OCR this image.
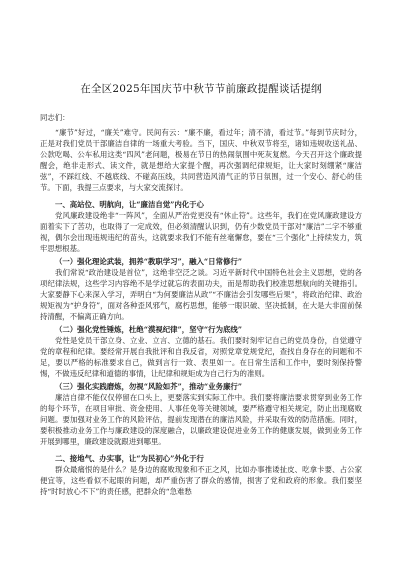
在全区2025年国庆节中秋节节前廉政提醒谈话提纲
同志们：

“廉节”好过，“廉关”难守。民间有云：“廉不廉，看过年；清不清，看过节。”每到节庆时分，正是对我们党员干部廉洁自律的一场重大考验。当下，国庆、中秋双节将至，诸如违规收送礼品、公款吃喝、公车私用这类“四风”老问题，极易在节日的热闹氛围中死灰复燃。今天召开这个廉政提醒会，绝非走形式、读文件，就是想给大家提个醒，再次强调纪律规矩，让大家时刻绷紧“廉洁弦”，不踩红线、不越底线、不碰高压线，共同营造风清气正的节日氛围，过一个安心、舒心的佳节。下面，我提三点要求，与大家交流探讨。

一、高站位、明航向，让“廉洁自觉”内化于心

党风廉政建设绝非“一阵风”，全面从严治党更没有“休止符”。这些年，我们在党风廉政建设方面着实下了苦功，也取得了一定成效，但必须清醒认识到，仍有少数党员干部对“廉洁”二字不够重视，偶尔会出现违规违纪的苗头，这就要求我们不能有丝毫懈怠，要在“三个强化”上持续发力，筑牢思想根基。

（一）强化理论武装，拥养“教职学习”，融入“日常修行”

我们常说“政治建设是首位”，这绝非空泛之谈。习近平新时代中国特色社会主义思想，党的各项纪律法规，这些学习内容绝不是学过就忘的表面功夫，而是帮助我们校准思想航向的关键指引。大家要静下心来深入学习，弄明白“为何要廉洁从政”“不廉洁会引发哪些后果”，将政治纪律、政治规矩视为“护身符”，面对各种歪风邪气，腐朽思想，能够一眼识破、坚决抵制，在大是大非面前保持清醒，不偏离正确方向。

（二）强化党性锤炼，杜绝“漠视纪律”，坚守“行为底线”

党性是党员干部立身、立业、立言、立德的基石。我们要时刻牢记自己的党员身份，自觉遵守党的章程和纪律。要经常开展自我批评和自我反省，对照党章党规党纪，查找自身存在的问题和不足，要以严格的标准要求自己，做到言行一致、表里如一。在日常生活和工作中，要时刻保持警惕，不做违反纪律和道德的事情，让纪律和规矩成为自己行为的准则。

（三）强化实践磨炼，勿视“风险如芥”，推动“业务廉行”

廉洁自律不能仅仅停留在口头上，更要落实到实际工作中。我们要将廉洁要求贯穿到业务工作的每个环节，在项目审批、资金使用、人事任免等关键领域，要严格遵守相关规定，防止出现腐败问题。要加强对业务工作的风险评估，提前发现潜在的廉洁风险，并采取有效的防范措施。同时，要积极推动业务工作与廉政建设的深度融合，以廉政建设促进业务工作的健康发展，做到业务工作开展到哪里，廉政建设就跟进到哪里。

二、接地气、办实事，让“为民初心”外化于行

群众最痛恨的是什么？是身边的腐败现象和不正之风，比如办事推诿扯皮、吃拿卡要、占公家便宜等，这些看似不起眼的问题，却严重伤害了群众的感情，损害了党和政府的形象。我们要坚持“时时放心不下”的责任感，把群众的“急难愁
